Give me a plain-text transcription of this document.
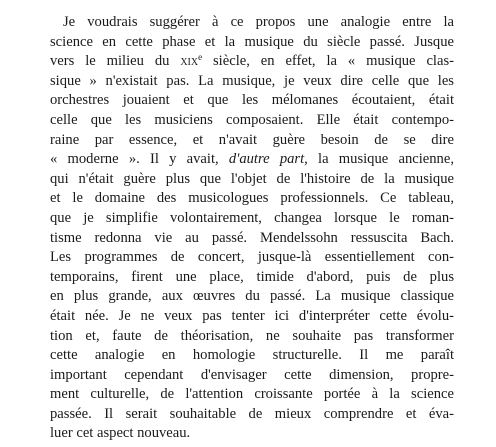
Je voudrais suggérer à ce propos une analogie entre la
science en cette phase et la musique du siècle passé. Jusque
vers le milieu du xix$^e$ siècle, en effet, la « musique clas-
sique » n'existait pas. La musique, je veux dire celle que les
orchestres jouaient et que les mélomanes écoutaient, était
celle que les musiciens composaient. Elle était contempo-
raine par essence, et n'avait guère besoin de se dire
« moderne ». Il y avait, d'autre part, la musique ancienne,
qui n'était guère plus que l'objet de l'histoire de la musique
et le domaine des musicologues professionnels. Ce tableau,
que je simplifie volontairement, changea lorsque le roman-
tisme redonna vie au passé. Mendelssohn ressuscita Bach.
Les programmes de concert, jusque-là essentiellement con-
temporains, firent une place, timide d'abord, puis de plus
en plus grande, aux œuvres du passé. La musique classique
était née. Je ne veux pas tenter ici d'interpréter cette évolu-
tion et, faute de théorisation, ne souhaite pas transformer
cette analogie en homologie structurelle. Il me paraît
important cependant d'envisager cette dimension, propre-
ment culturelle, de l'attention croissante portée à la science
passée. Il serait souhaitable de mieux comprendre et éva-
luer cet aspect nouveau.
